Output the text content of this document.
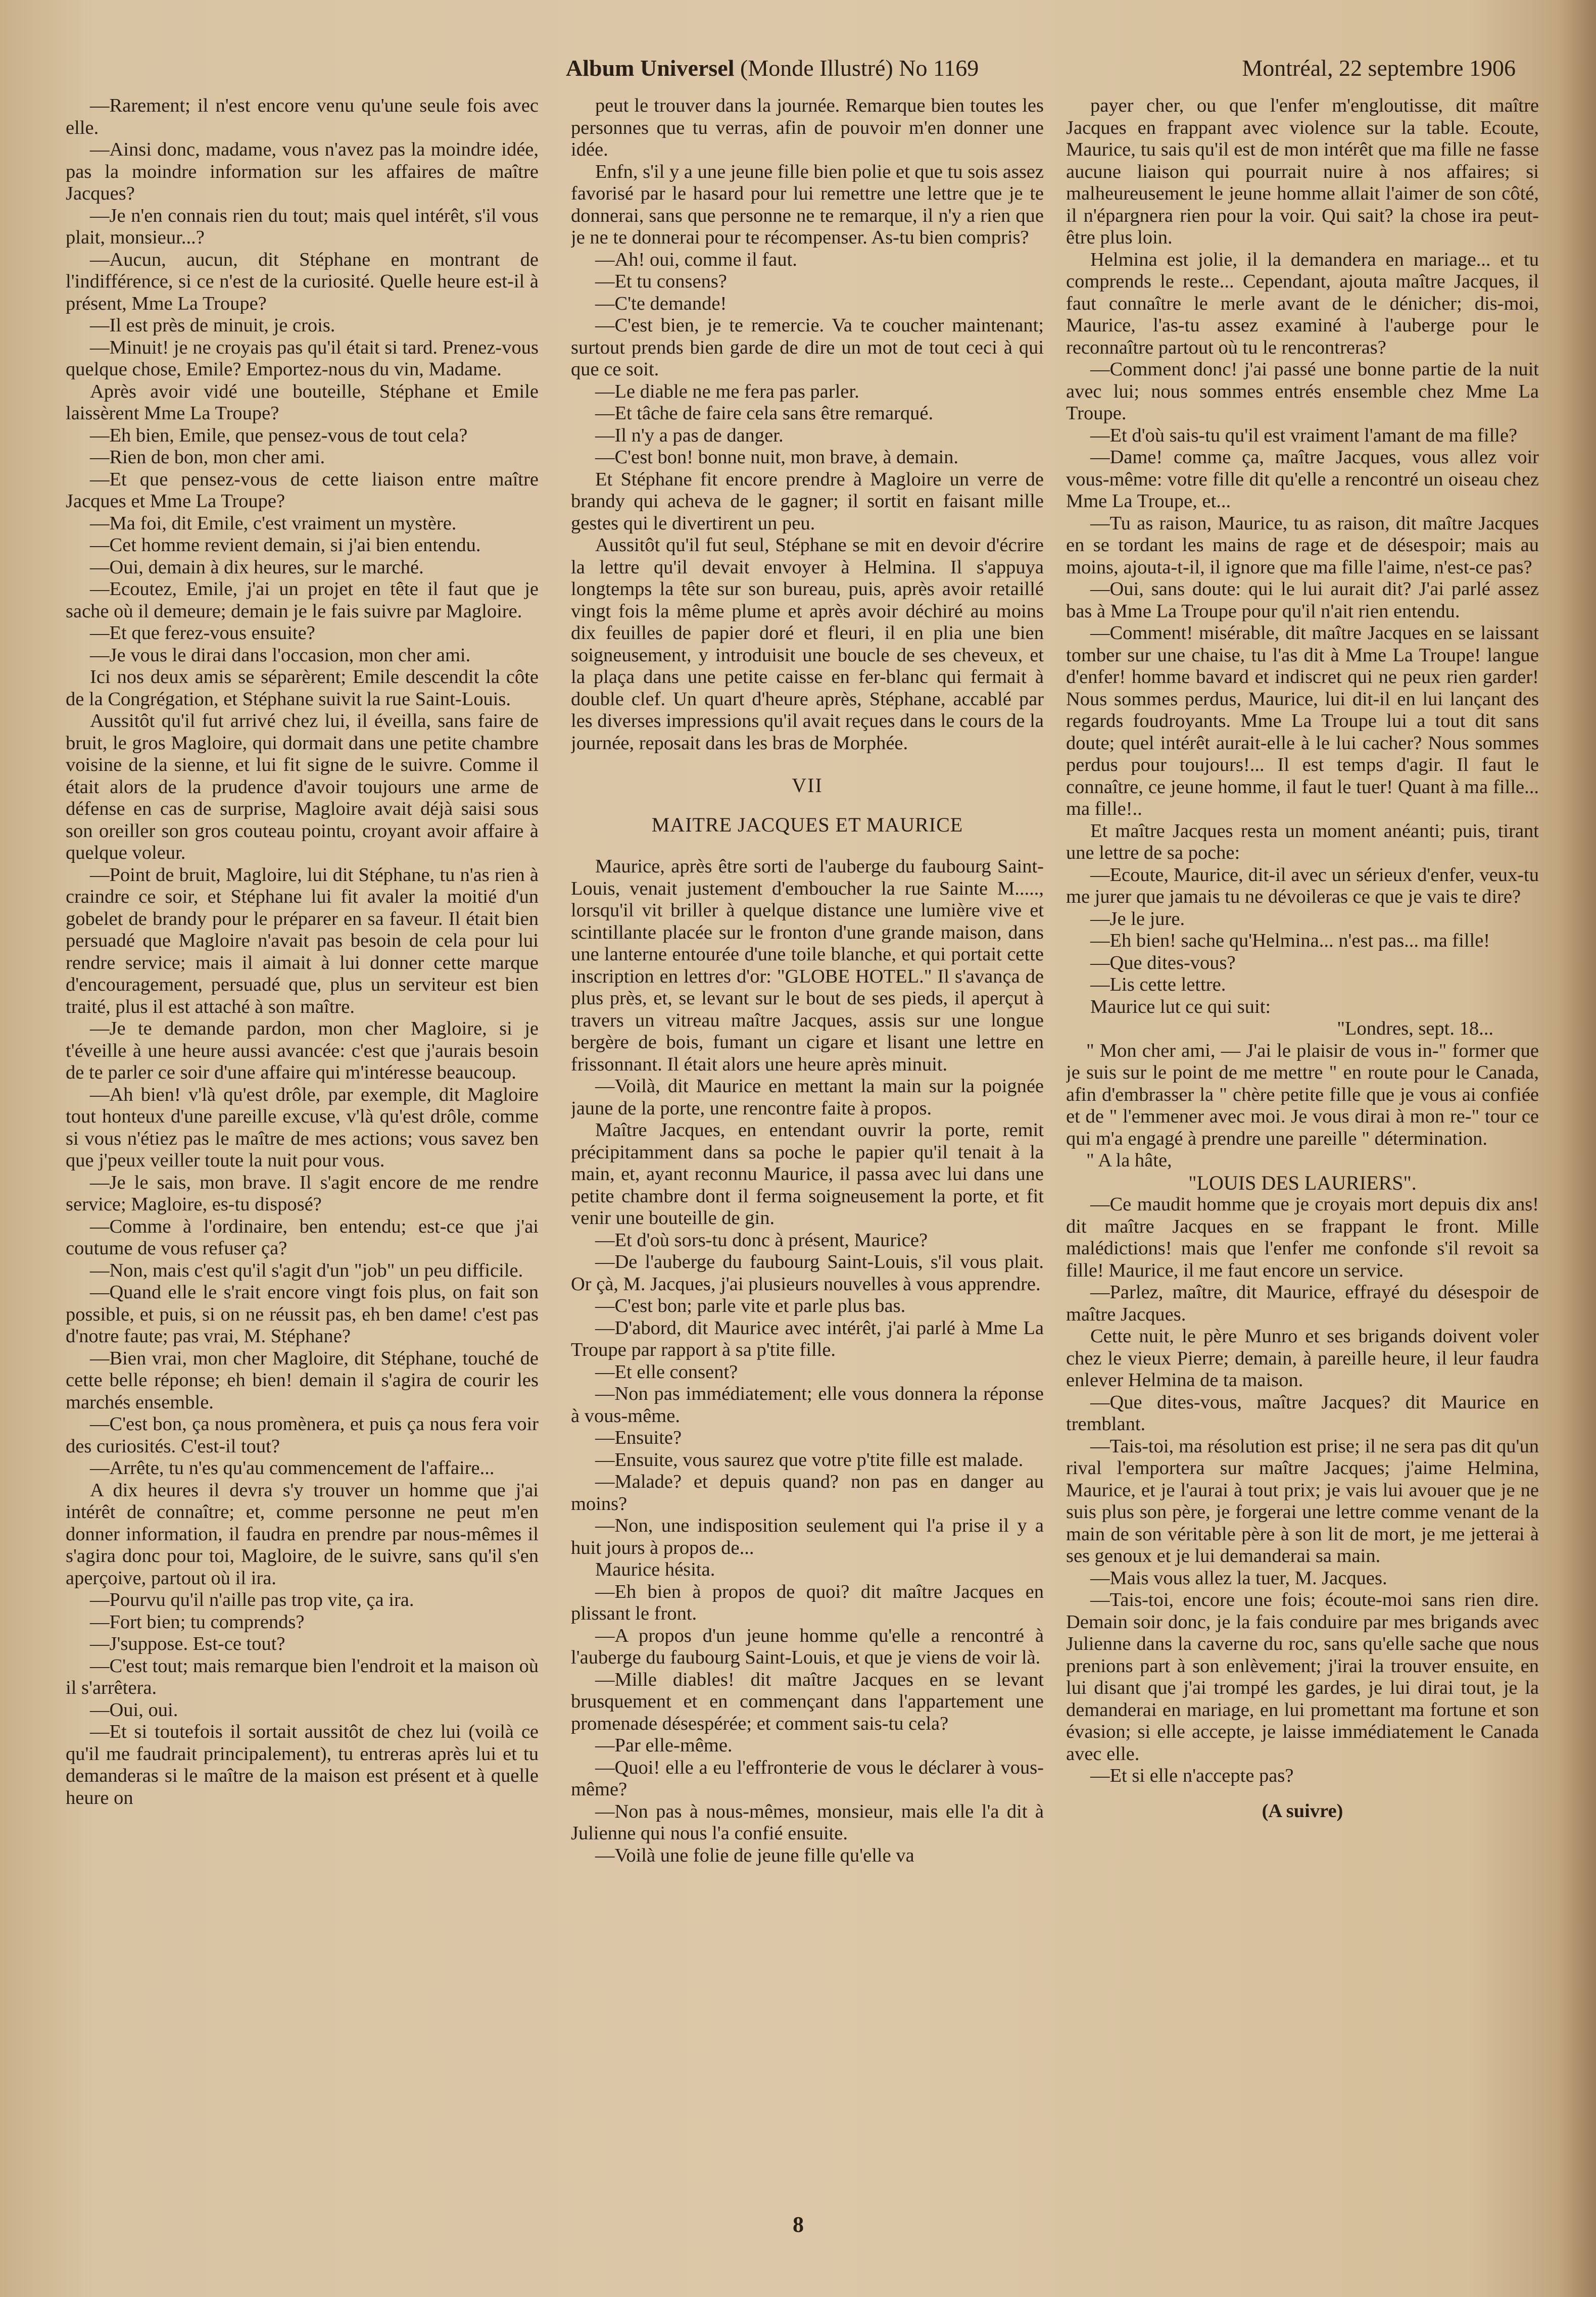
Album Universel (Monde Illustré) No 1169	Montréal, 22 septembre 1906

—Rarement; il n'est encore venu qu'une seule fois avec elle.

—Ainsi donc, madame, vous n'avez pas la moindre idée, pas la moindre information sur les affaires de maître Jacques?

—Je n'en connais rien du tout; mais quel intérêt, s'il vous plait, monsieur...?

—Aucun, aucun, dit Stéphane en montrant de l'indifférence, si ce n'est de la curiosité. Quelle heure est-il à présent, Mme La Troupe?

—Il est près de minuit, je crois.

—Minuit! je ne croyais pas qu'il était si tard. Prenez-vous quelque chose, Emile? Emportez-nous du vin, Madame.

Après avoir vidé une bouteille, Stéphane et Emile laissèrent Mme La Troupe?

—Eh bien, Emile, que pensez-vous de tout cela?

—Rien de bon, mon cher ami.

—Et que pensez-vous de cette liaison entre maître Jacques et Mme La Troupe?

—Ma foi, dit Emile, c'est vraiment un mystère.

—Cet homme revient demain, si j'ai bien entendu.

—Oui, demain à dix heures, sur le marché.

—Ecoutez, Emile, j'ai un projet en tête il faut que je sache où il demeure; demain je le fais suivre par Magloire.

—Et que ferez-vous ensuite?

—Je vous le dirai dans l'occasion, mon cher ami.

Ici nos deux amis se séparèrent; Emile descendit la côte de la Congrégation, et Stéphane suivit la rue Saint-Louis.

Aussitôt qu'il fut arrivé chez lui, il éveilla, sans faire de bruit, le gros Magloire, qui dormait dans une petite chambre voisine de la sienne, et lui fit signe de le suivre. Comme il était alors de la prudence d'avoir toujours une arme de défense en cas de surprise, Magloire avait déjà saisi sous son oreiller son gros couteau pointu, croyant avoir affaire à quelque voleur.

—Point de bruit, Magloire, lui dit Stéphane, tu n'as rien à craindre ce soir, et Stéphane lui fit avaler la moitié d'un gobelet de brandy pour le préparer en sa faveur. Il était bien persuadé que Magloire n'avait pas besoin de cela pour lui rendre service; mais il aimait à lui donner cette marque d'encouragement, persuadé que, plus un serviteur est bien traité, plus il est attaché à son maître.

—Je te demande pardon, mon cher Magloire, si je t'éveille à une heure aussi avancée: c'est que j'aurais besoin de te parler ce soir d'une affaire qui m'intéresse beaucoup.

—Ah bien! v'là qu'est drôle, par exemple, dit Magloire tout honteux d'une pareille excuse, v'là qu'est drôle, comme si vous n'étiez pas le maître de mes actions; vous savez ben que j'peux veiller toute la nuit pour vous.

—Je le sais, mon brave. Il s'agit encore de me rendre service; Magloire, es-tu disposé?

—Comme à l'ordinaire, ben entendu; est-ce que j'ai coutume de vous refuser ça?

—Non, mais c'est qu'il s'agit d'un "job" un peu difficile.

—Quand elle le s'rait encore vingt fois plus, on fait son possible, et puis, si on ne réussit pas, eh ben dame! c'est pas d'notre faute; pas vrai, M. Stéphane?

—Bien vrai, mon cher Magloire, dit Stéphane, touché de cette belle réponse; eh bien! demain il s'agira de courir les marchés ensemble.

—C'est bon, ça nous promènera, et puis ça nous fera voir des curiosités. C'est-il tout?

—Arrête, tu n'es qu'au commencement de l'affaire...

A dix heures il devra s'y trouver un homme que j'ai intérêt de connaître; et, comme personne ne peut m'en donner information, il faudra en prendre par nous-mêmes il s'agira donc pour toi, Magloire, de le suivre, sans qu'il s'en aperçoive, partout où il ira.

—Pourvu qu'il n'aille pas trop vite, ça ira.

—Fort bien; tu comprends?

—J'suppose. Est-ce tout?

—C'est tout; mais remarque bien l'endroit et la maison où il s'arrêtera.

—Oui, oui.

—Et si toutefois il sortait aussitôt de chez lui (voilà ce qu'il me faudrait principalement), tu entreras après lui et tu demanderas si le maître de la maison est présent et à quelle heure on

peut le trouver dans la journée. Remarque bien toutes les personnes que tu verras, afin de pouvoir m'en donner une idée.

Enfn, s'il y a une jeune fille bien polie et que tu sois assez favorisé par le hasard pour lui remettre une lettre que je te donnerai, sans que personne ne te remarque, il n'y a rien que je ne te donnerai pour te récompenser. As-tu bien compris?

—Ah! oui, comme il faut.

—Et tu consens?

—C'te demande!

—C'est bien, je te remercie. Va te coucher maintenant; surtout prends bien garde de dire un mot de tout ceci à qui que ce soit.

—Le diable ne me fera pas parler.

—Et tâche de faire cela sans être remarqué.

—Il n'y a pas de danger.

—C'est bon! bonne nuit, mon brave, à demain.

Et Stéphane fit encore prendre à Magloire un verre de brandy qui acheva de le gagner; il sortit en faisant mille gestes qui le divertirent un peu.

Aussitôt qu'il fut seul, Stéphane se mit en devoir d'écrire la lettre qu'il devait envoyer à Helmina. Il s'appuya longtemps la tête sur son bureau, puis, après avoir retaillé vingt fois la même plume et après avoir déchiré au moins dix feuilles de papier doré et fleuri, il en plia une bien soigneusement, y introduisit une boucle de ses cheveux, et la plaça dans une petite caisse en fer-blanc qui fermait à double clef. Un quart d'heure après, Stéphane, accablé par les diverses impressions qu'il avait reçues dans le cours de la journée, reposait dans les bras de Morphée.

VII

MAITRE JACQUES ET MAURICE

Maurice, après être sorti de l'auberge du faubourg Saint-Louis, venait justement d'emboucher la rue Sainte M....., lorsqu'il vit briller à quelque distance une lumière vive et scintillante placée sur le fronton d'une grande maison, dans une lanterne entourée d'une toile blanche, et qui portait cette inscription en lettres d'or: "GLOBE HOTEL." Il s'avança de plus près, et, se levant sur le bout de ses pieds, il aperçut à travers un vitreau maître Jacques, assis sur une longue bergère de bois, fumant un cigare et lisant une lettre en frissonnant. Il était alors une heure après minuit.

—Voilà, dit Maurice en mettant la main sur la poignée jaune de la porte, une rencontre faite à propos.

Maître Jacques, en entendant ouvrir la porte, remit précipitamment dans sa poche le papier qu'il tenait à la main, et, ayant reconnu Maurice, il passa avec lui dans une petite chambre dont il ferma soigneusement la porte, et fit venir une bouteille de gin.

—Et d'où sors-tu donc à présent, Maurice?

—De l'auberge du faubourg Saint-Louis, s'il vous plait. Or çà, M. Jacques, j'ai plusieurs nouvelles à vous apprendre.

—C'est bon; parle vite et parle plus bas.

—D'abord, dit Maurice avec intérêt, j'ai parlé à Mme La Troupe par rapport à sa p'tite fille.

—Et elle consent?

—Non pas immédiatement; elle vous donnera la réponse à vous-même.

—Ensuite?

—Ensuite, vous saurez que votre p'tite fille est malade.

—Malade? et depuis quand? non pas en danger au moins?

—Non, une indisposition seulement qui l'a prise il y a huit jours à propos de...

Maurice hésita.

—Eh bien à propos de quoi? dit maître Jacques en plissant le front.

—A propos d'un jeune homme qu'elle a rencontré à l'auberge du faubourg Saint-Louis, et que je viens de voir là.

—Mille diables! dit maître Jacques en se levant brusquement et en commençant dans l'appartement une promenade désespérée; et comment sais-tu cela?

—Par elle-même.

—Quoi! elle a eu l'effronterie de vous le déclarer à vous-même?

—Non pas à nous-mêmes, monsieur, mais elle l'a dit à Julienne qui nous l'a confié ensuite.

—Voilà une folie de jeune fille qu'elle va

payer cher, ou que l'enfer m'engloutisse, dit maître Jacques en frappant avec violence sur la table. Ecoute, Maurice, tu sais qu'il est de mon intérêt que ma fille ne fasse aucune liaison qui pourrait nuire à nos affaires; si malheureusement le jeune homme allait l'aimer de son côté, il n'épargnera rien pour la voir. Qui sait? la chose ira peut-être plus loin.

Helmina est jolie, il la demandera en mariage... et tu comprends le reste... Cependant, ajouta maître Jacques, il faut connaître le merle avant de le dénicher; dis-moi, Maurice, l'as-tu assez examiné à l'auberge pour le reconnaître partout où tu le rencontreras?

—Comment donc! j'ai passé une bonne partie de la nuit avec lui; nous sommes entrés ensemble chez Mme La Troupe.

—Et d'où sais-tu qu'il est vraiment l'amant de ma fille?

—Dame! comme ça, maître Jacques, vous allez voir vous-même: votre fille dit qu'elle a rencontré un oiseau chez Mme La Troupe, et...

—Tu as raison, Maurice, tu as raison, dit maître Jacques en se tordant les mains de rage et de désespoir; mais au moins, ajouta-t-il, il ignore que ma fille l'aime, n'est-ce pas?

—Oui, sans doute: qui le lui aurait dit? J'ai parlé assez bas à Mme La Troupe pour qu'il n'ait rien entendu.

—Comment! misérable, dit maître Jacques en se laissant tomber sur une chaise, tu l'as dit à Mme La Troupe! langue d'enfer! homme bavard et indiscret qui ne peux rien garder! Nous sommes perdus, Maurice, lui dit-il en lui lançant des regards foudroyants. Mme La Troupe lui a tout dit sans doute; quel intérêt aurait-elle à le lui cacher? Nous sommes perdus pour toujours!... Il est temps d'agir. Il faut le connaître, ce jeune homme, il faut le tuer! Quant à ma fille... ma fille!..

Et maître Jacques resta un moment anéanti; puis, tirant une lettre de sa poche:

—Ecoute, Maurice, dit-il avec un sérieux d'enfer, veux-tu me jurer que jamais tu ne dévoileras ce que je vais te dire?

—Je le jure.

—Eh bien! sache qu'Helmina... n'est pas... ma fille!

—Que dites-vous?

—Lis cette lettre.

Maurice lut ce qui suit:

"Londres, sept. 18...

" Mon cher ami, — J'ai le plaisir de vous in-" former que je suis sur le point de me mettre " en route pour le Canada, afin d'embrasser la " chère petite fille que je vous ai confiée et de " l'emmener avec moi. Je vous dirai à mon re-" tour ce qui m'a engagé à prendre une pareille " détermination.

" A la hâte,

"LOUIS DES LAURIERS".

—Ce maudit homme que je croyais mort depuis dix ans! dit maître Jacques en se frappant le front. Mille malédictions! mais que l'enfer me confonde s'il revoit sa fille! Maurice, il me faut encore un service.

—Parlez, maître, dit Maurice, effrayé du désespoir de maître Jacques.

Cette nuit, le père Munro et ses brigands doivent voler chez le vieux Pierre; demain, à pareille heure, il leur faudra enlever Helmina de ta maison.

—Que dites-vous, maître Jacques? dit Maurice en tremblant.

—Tais-toi, ma résolution est prise; il ne sera pas dit qu'un rival l'emportera sur maître Jacques; j'aime Helmina, Maurice, et je l'aurai à tout prix; je vais lui avouer que je ne suis plus son père, je forgerai une lettre comme venant de la main de son véritable père à son lit de mort, je me jetterai à ses genoux et je lui demanderai sa main.

—Mais vous allez la tuer, M. Jacques.

—Tais-toi, encore une fois; écoute-moi sans rien dire. Demain soir donc, je la fais conduire par mes brigands avec Julienne dans la caverne du roc, sans qu'elle sache que nous prenions part à son enlèvement; j'irai la trouver ensuite, en lui disant que j'ai trompé les gardes, je lui dirai tout, je la demanderai en mariage, en lui promettant ma fortune et son évasion; si elle accepte, je laisse immédiatement le Canada avec elle.

—Et si elle n'accepte pas?

(A suivre)

8
